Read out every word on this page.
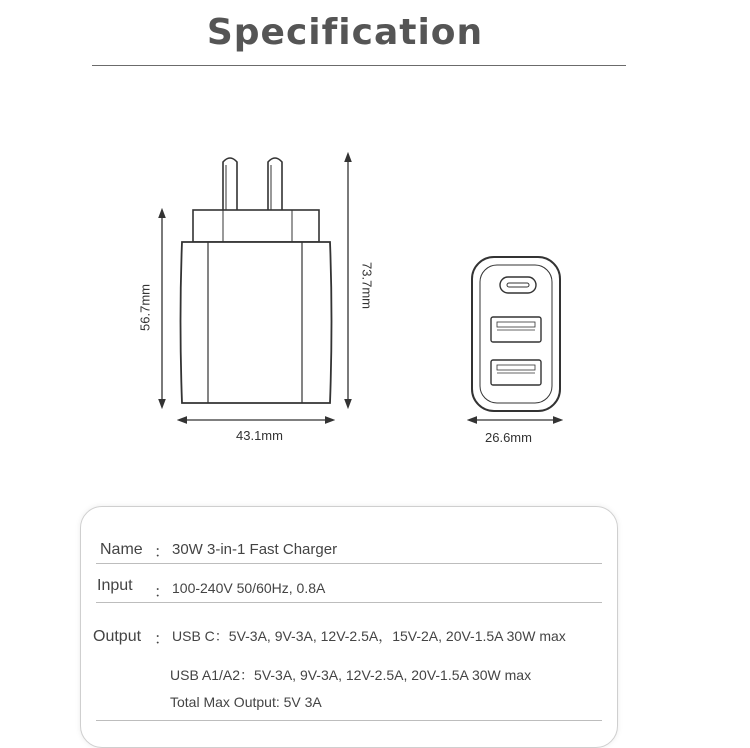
Specification
56.7mm	73.7mm
43.1mm	26.6mm
Name ： 30W 3-in-1 Fast Charger
Input ： 100-240V 50/60Hz, 0.8A
Output ： USB C：5V-3A, 9V-3A, 12V-2.5A，15V-2A, 20V-1.5A 30W max
USB A1/A2：5V-3A, 9V-3A, 12V-2.5A, 20V-1.5A 30W max
Total Max Output: 5V 3A
